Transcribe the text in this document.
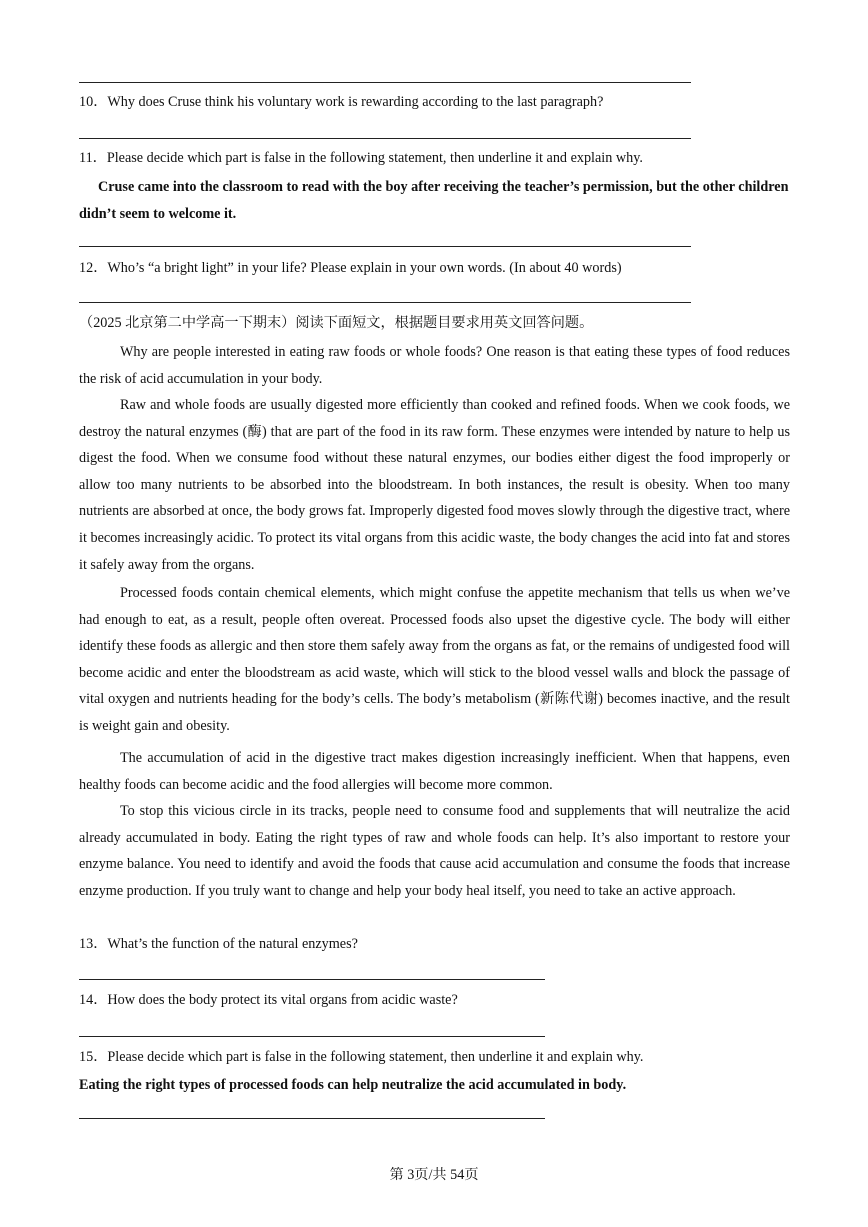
10．Why does Cruse think his voluntary work is rewarding according to the last paragraph?
11．Please decide which part is false in the following statement, then underline it and explain why.

Cruse came into the classroom to read with the boy after receiving the teacher’s permission, but the other children didn’t seem to welcome it.

12．Who’s “a bright light” in your life? Please explain in your own words. (In about 40 words)
（2025 北京第二中学高一下期末）阅读下面短文，根据题目要求用英文回答问题。

Why are people interested in eating raw foods or whole foods? One reason is that eating these types of food reduces the risk of acid accumulation in your body.

Raw and whole foods are usually digested more efficiently than cooked and refined foods. When we cook foods, we destroy the natural enzymes (酶) that are part of the food in its raw form. These enzymes were intended by nature to help us digest the food. When we consume food without these natural enzymes, our bodies either digest the food improperly or allow too many nutrients to be absorbed into the bloodstream. In both instances, the result is obesity. When too many nutrients are absorbed at once, the body grows fat. Improperly digested food moves slowly through the digestive tract, where it becomes increasingly acidic. To protect its vital organs from this acidic waste, the body changes the acid into fat and stores it safely away from the organs.

Processed foods contain chemical elements, which might confuse the appetite mechanism that tells us when we’ve had enough to eat, as a result, people often overeat. Processed foods also upset the digestive cycle. The body will either identify these foods as allergic and then store them safely away from the organs as fat, or the remains of undigested food will become acidic and enter the bloodstream as acid waste, which will stick to the blood vessel walls and block the passage of vital oxygen and nutrients heading for the body’s cells. The body’s metabolism (新陈代谢) becomes inactive, and the result is weight gain and obesity.

The accumulation of acid in the digestive tract makes digestion increasingly inefficient. When that happens, even healthy foods can become acidic and the food allergies will become more common.

To stop this vicious circle in its tracks, people need to consume food and supplements that will neutralize the acid already accumulated in body. Eating the right types of raw and whole foods can help. It’s also important to restore your enzyme balance. You need to identify and avoid the foods that cause acid accumulation and consume the foods that increase enzyme production. If you truly want to change and help your body heal itself, you need to take an active approach.

13．What’s the function of the natural enzymes?
14．How does the body protect its vital organs from acidic waste?
15．Please decide which part is false in the following statement, then underline it and explain why.
Eating the right types of processed foods can help neutralize the acid accumulated in body.
第 3页/共 54页
